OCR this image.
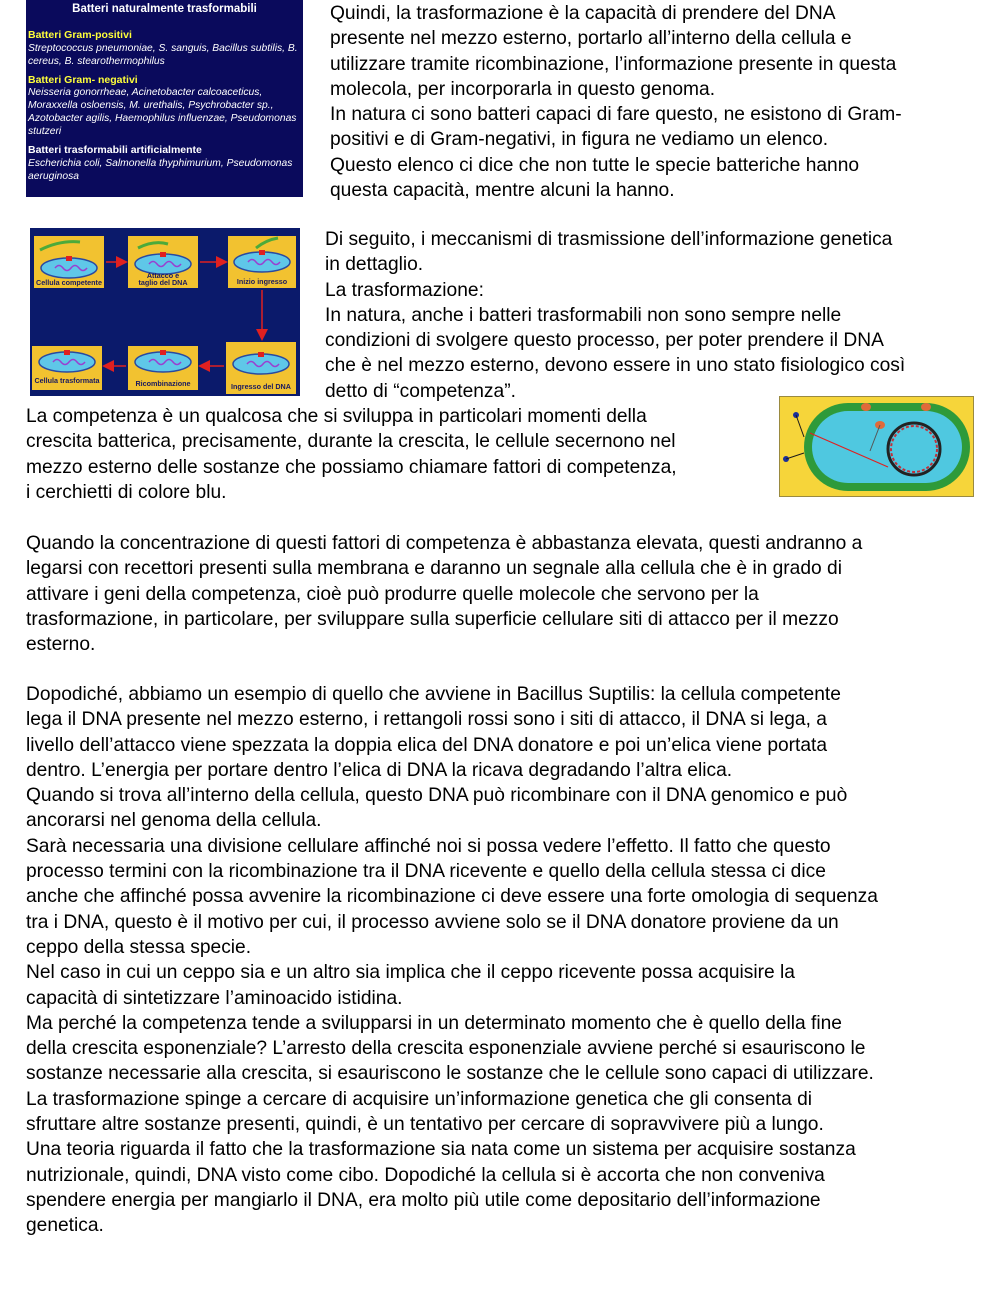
Batteri naturalmente trasformabili
Batteri Gram-positivi
Streptococcus pneumoniae, S. sanguis, Bacillus subtilis, B. cereus, B. stearothermophilus
Batteri Gram- negativi
Neisseria gonorrheae, Acinetobacter calcoaceticus, Moraxxella osloensis, M. urethalis, Psychrobacter sp., Azotobacter agilis, Haemophilus influenzae, Pseudomonas stutzeri
Batteri trasformabili artificialmente
Escherichia coli, Salmonella thyphimurium, Pseudomonas aeruginosa

Quindi, la trasformazione è la capacità di prendere del DNA
presente nel mezzo esterno, portarlo all’interno della cellula e
utilizzare tramite ricombinazione, l’informazione presente in questa
molecola, per incorporarla in questo genoma.
In natura ci sono batteri capaci di fare questo, ne esistono di Gram-
positivi e di Gram-negativi, in figura ne vediamo un elenco.
Questo elenco ci dice che non tutte le specie batteriche hanno
questa capacità, mentre alcuni la hanno.

Cellula competente
Attacco e
taglio del DNA	Inizio ingresso
Ingresso del DNA
Ricombinazione
Cellula trasformata

Di seguito, i meccanismi di trasmissione dell’informazione genetica
in dettaglio.
La trasformazione:
In natura, anche i batteri trasformabili non sono sempre nelle
condizioni di svolgere questo processo, per poter prendere il DNA
che è nel mezzo esterno, devono essere in uno stato fisiologico così
detto di “competenza”.

La competenza è un qualcosa che si sviluppa in particolari momenti della
crescita batterica, precisamente, durante la crescita, le cellule secernono nel
mezzo esterno delle sostanze che possiamo chiamare fattori di competenza,
i cerchietti di colore blu.

Quando la concentrazione di questi fattori di competenza è abbastanza elevata, questi andranno a
legarsi con recettori presenti sulla membrana e daranno un segnale alla cellula che è in grado di
attivare i geni della competenza, cioè può produrre quelle molecole che servono per la
trasformazione, in particolare, per sviluppare sulla superficie cellulare siti di attacco per il mezzo
esterno.

Dopodiché, abbiamo un esempio di quello che avviene in Bacillus Suptilis: la cellula competente
lega il DNA presente nel mezzo esterno, i rettangoli rossi sono i siti di attacco, il DNA si lega, a
livello dell’attacco viene spezzata la doppia elica del DNA donatore e poi un’elica viene portata
dentro. L’energia per portare dentro l’elica di DNA la ricava degradando l’altra elica.
Quando si trova all’interno della cellula, questo DNA può ricombinare con il DNA genomico e può
ancorarsi nel genoma della cellula.
Sarà necessaria una divisione cellulare affinché noi si possa vedere l’effetto. Il fatto che questo
processo termini con la ricombinazione tra il DNA ricevente e quello della cellula stessa ci dice
anche che affinché possa avvenire la ricombinazione ci deve essere una forte omologia di sequenza
tra i DNA, questo è il motivo per cui, il processo avviene solo se il DNA donatore proviene da un
ceppo della stessa specie.
Nel caso in cui un ceppo sia e un altro sia implica che il ceppo ricevente possa acquisire la
capacità di sintetizzare l’aminoacido istidina.
Ma perché la competenza tende a svilupparsi in un determinato momento che è quello della fine
della crescita esponenziale? L’arresto della crescita esponenziale avviene perché si esauriscono le
sostanze necessarie alla crescita, si esauriscono le sostanze che le cellule sono capaci di utilizzare.
La trasformazione spinge a cercare di acquisire un’informazione genetica che gli consenta di
sfruttare altre sostanze presenti, quindi, è un tentativo per cercare di sopravvivere più a lungo.
Una teoria riguarda il fatto che la trasformazione sia nata come un sistema per acquisire sostanza
nutrizionale, quindi, DNA visto come cibo. Dopodiché la cellula si è accorta che non conveniva
spendere energia per mangiarlo il DNA, era molto più utile come depositario dell’informazione
genetica.
